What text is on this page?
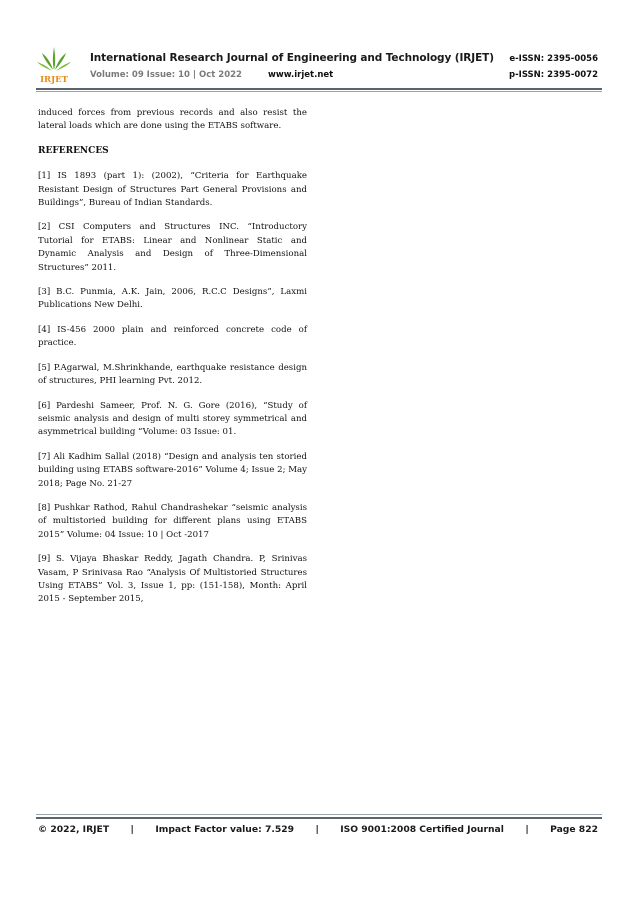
IRJET
International Research Journal of Engineering and Technology (IRJET)
Volume: 09 Issue: 10 | Oct 2022	www.irjet.net
e-ISSN: 2395-0056
p-ISSN: 2395-0072

induced forces from previous records and also resist the lateral loads which are done using the ETABS software.

REFERENCES

[1] IS 1893 (part 1): (2002), “Criteria for Earthquake Resistant Design of Structures Part General Provisions and Buildings”, Bureau of Indian Standards.

[2] CSI Computers and Structures INC. “Introductory Tutorial for ETABS: Linear and Nonlinear Static and Dynamic Analysis and Design of Three-Dimensional Structures” 2011.

[3] B.C. Punmia, A.K. Jain, 2006, R.C.C Designs”, Laxmi Publications New Delhi.

[4] IS-456 2000 plain and reinforced concrete code of practice.

[5] P.Agarwal, M.Shrinkhande, earthquake resistance design of structures, PHI learning Pvt. 2012.

[6] Pardeshi Sameer, Prof. N. G. Gore (2016), “Study of seismic analysis and design of multi storey symmetrical and asymmetrical building “Volume: 03 Issue: 01.

[7] Ali Kadhim Sallal (2018) “Design and analysis ten storied building using ETABS software-2016” Volume 4; Issue 2; May 2018; Page No. 21-27

[8] Pushkar Rathod, Rahul Chandrashekar “seismic analysis of multistoried building for different plans using ETABS 2015” Volume: 04 Issue: 10 | Oct -2017

[9] S. Vijaya Bhaskar Reddy, Jagath Chandra. P, Srinivas Vasam, P Srinivasa Rao “Analysis Of Multistoried Structures Using ETABS” Vol. 3, Issue 1, pp: (151-158), Month: April 2015 - September 2015,

© 2022, IRJET	|	Impact Factor value: 7.529	|	ISO 9001:2008 Certified Journal	|	Page 822
